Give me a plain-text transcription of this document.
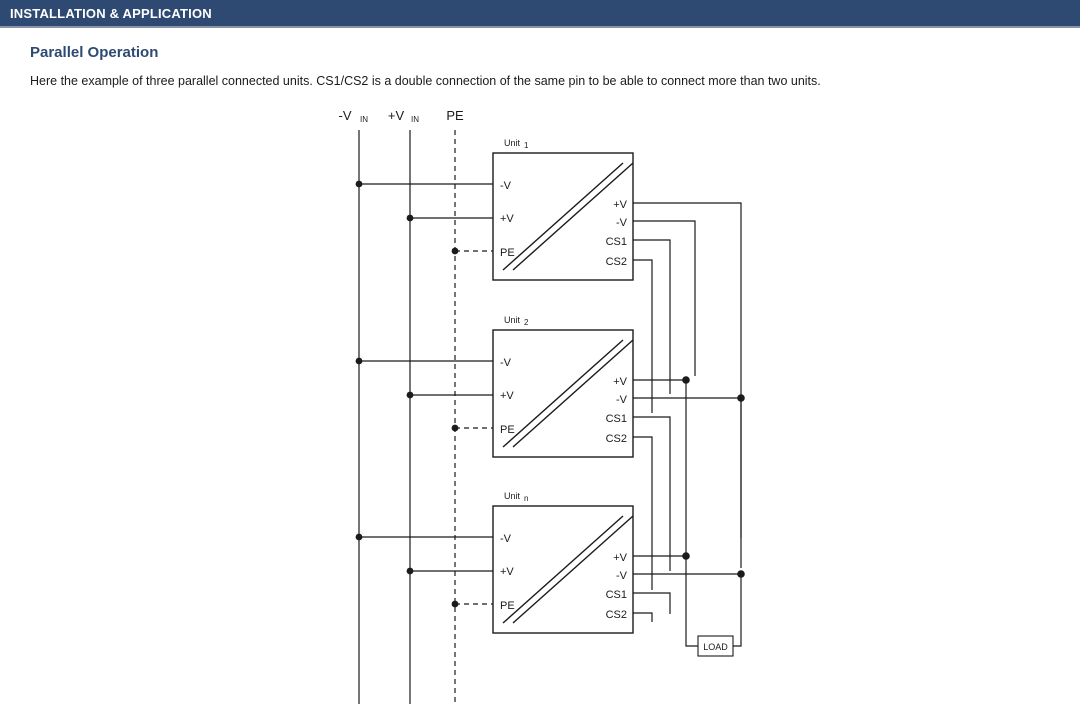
INSTALLATION & APPLICATION
Parallel Operation
Here the example of three parallel connected units. CS1/CS2 is a double connection of the same pin to be able to connect more than two units.
-V IN +V IN PE
Unit 1
-V
+V
PE
+V
-V
CS1
CS2
Unit 2
-V
+V
PE
+V
-V
CS1
CS2
Unit n
-V
+V
PE
+V
-V
CS1
CS2
LOAD
